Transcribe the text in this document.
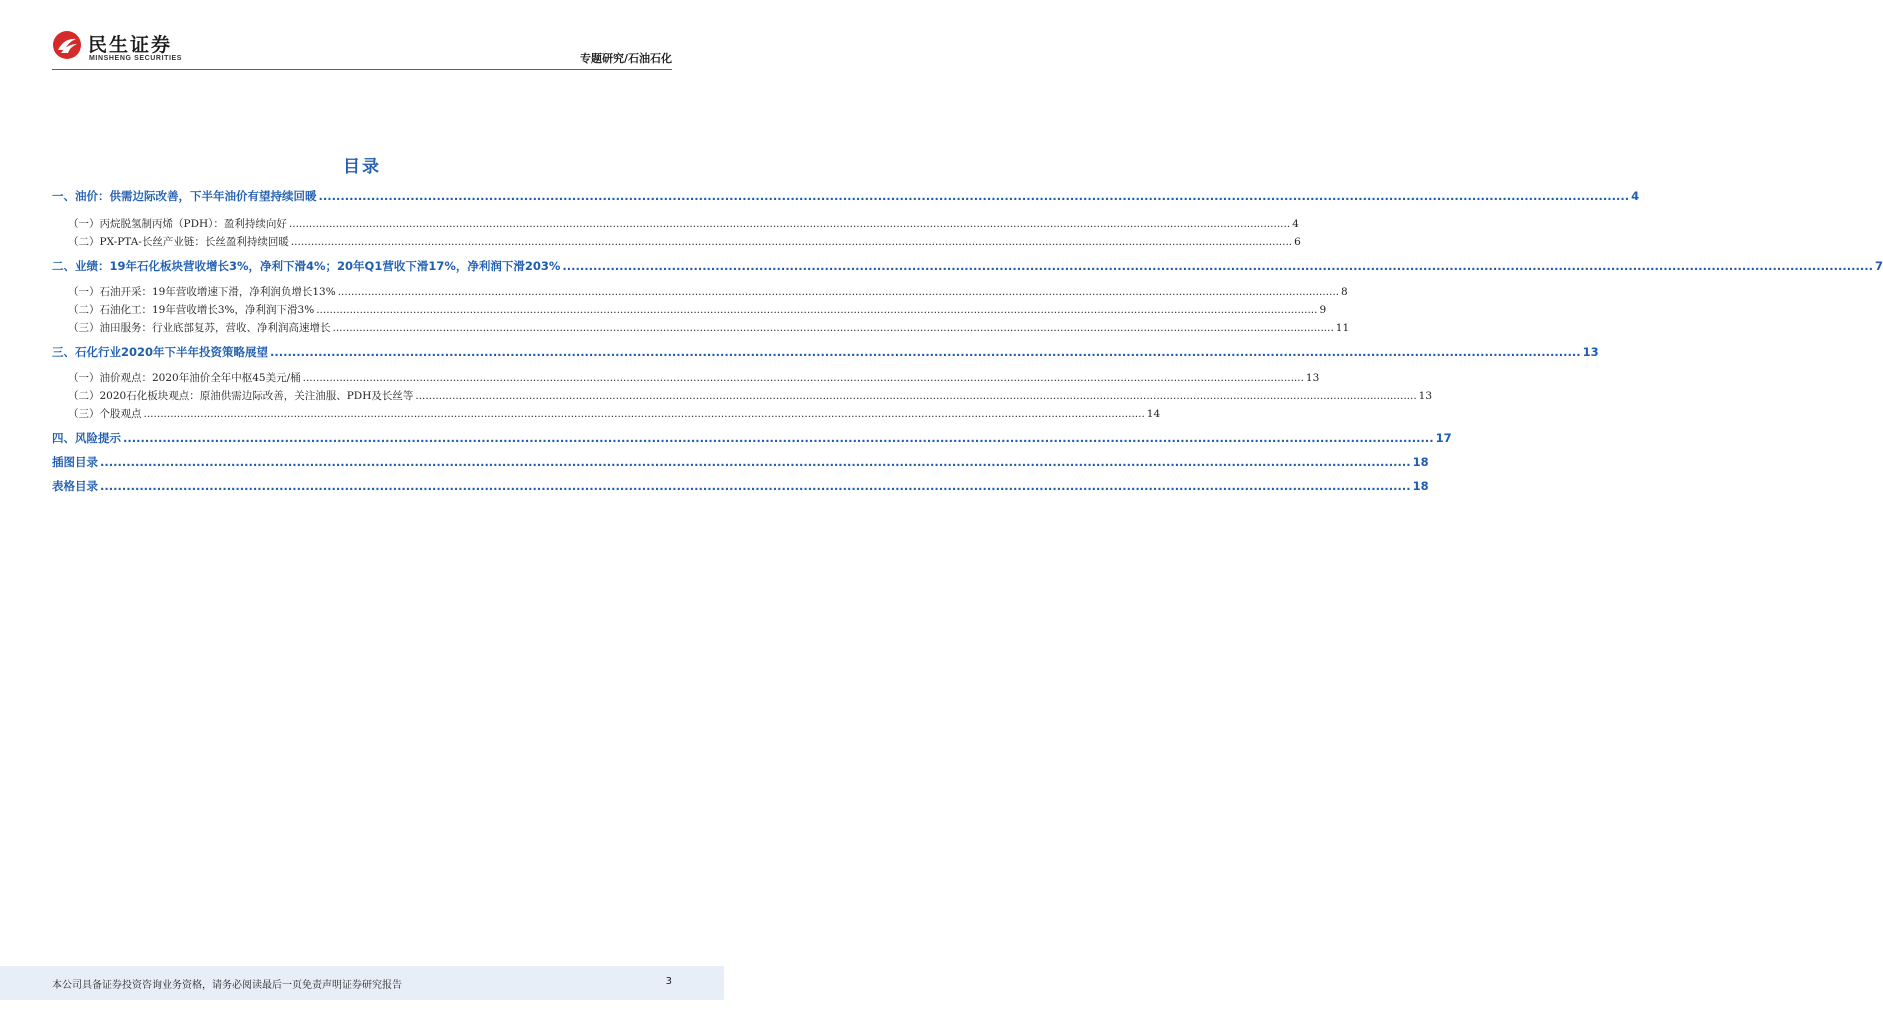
民生证券
MINSHENG SECURITIES	专题研究/石油石化
目录
一、油价：供需边际改善，下半年油价有望持续回暖 ............................................................................................................................................................................................................................................................................................................ 4
（一）丙烷脱氢制丙烯（PDH）：盈利持续向好 ............................................................................................................................................................................................................................................................................................................ 4
（二）PX-PTA-长丝产业链：长丝盈利持续回暖 ............................................................................................................................................................................................................................................................................................................ 6
二、业绩：19年石化板块营收增长3%，净利下滑4%；20年Q1营收下滑17%，净利润下滑203% ............................................................................................................................................................................................................................................................................................................ 7
（一）石油开采：19年营收增速下滑，净利润负增长13% ............................................................................................................................................................................................................................................................................................................ 8
（二）石油化工：19年营收增长3%，净利润下滑3% ............................................................................................................................................................................................................................................................................................................ 9
（三）油田服务：行业底部复苏，营收、净利润高速增长 ............................................................................................................................................................................................................................................................................................................ 11
三、石化行业2020年下半年投资策略展望 ............................................................................................................................................................................................................................................................................................................ 13
（一）油价观点：2020年油价全年中枢45美元/桶 ............................................................................................................................................................................................................................................................................................................ 13
（二）2020石化板块观点：原油供需边际改善，关注油服、PDH及长丝等 ............................................................................................................................................................................................................................................................................................................ 13
（三）个股观点 ............................................................................................................................................................................................................................................................................................................ 14
四、风险提示 ............................................................................................................................................................................................................................................................................................................ 17
插图目录 ............................................................................................................................................................................................................................................................................................................ 18
表格目录 ............................................................................................................................................................................................................................................................................................................ 18
本公司具备证券投资咨询业务资格，请务必阅读最后一页免责声明证券研究报告	3
